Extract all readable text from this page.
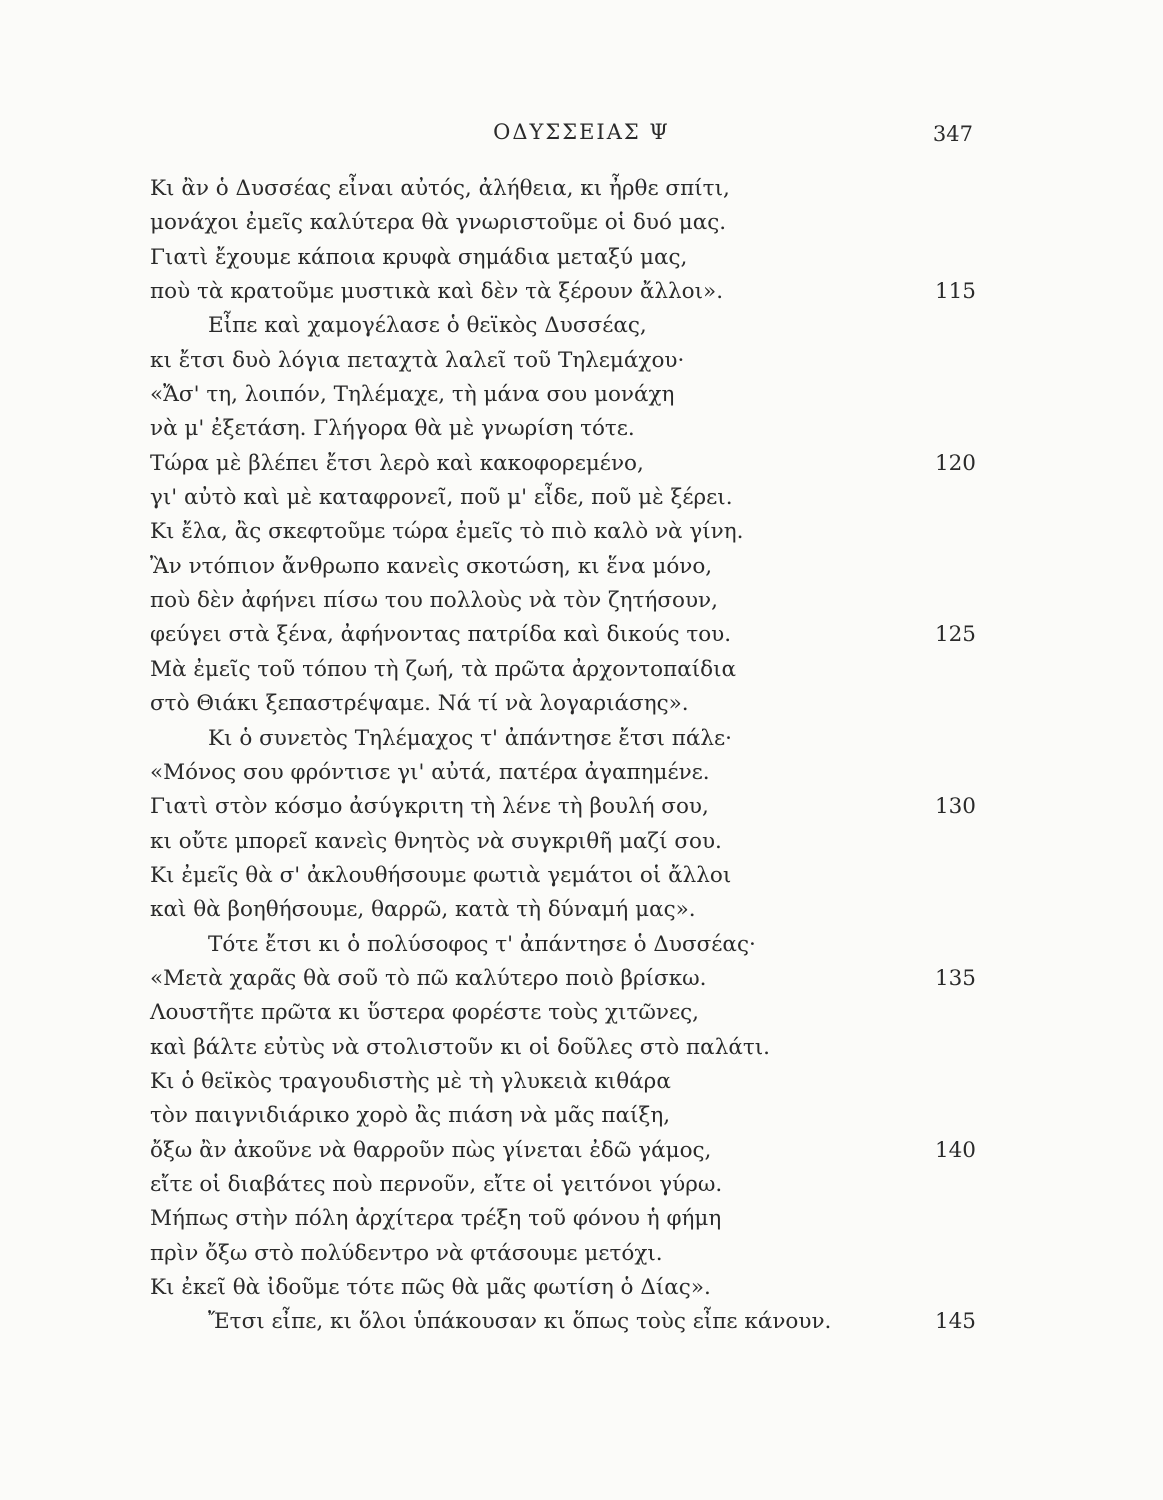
ΟΔΥΣΣΕΙΑΣ Ψ	347
Κι ἂν ὁ Δυσσέας εἶναι αὐτός, ἀλήθεια, κι ἦρθε σπίτι,
μονάχοι ἐμεῖς καλύτερα θὰ γνωριστοῦμε οἱ δυό μας.
Γιατὶ ἔχουμε κάποια κρυφὰ σημάδια μεταξύ μας,
ποὺ τὰ κρατοῦμε μυστικὰ καὶ δὲν τὰ ξέρουν ἄλλοι».	115
Εἶπε καὶ χαμογέλασε ὁ θεϊκὸς Δυσσέας,
κι ἔτσι δυὸ λόγια πεταχτὰ λαλεῖ τοῦ Τηλεμάχου·
«Ἄσ' τη, λοιπόν, Τηλέμαχε, τὴ μάνα σου μονάχη
νὰ μ' ἐξετάση. Γλήγορα θὰ μὲ γνωρίση τότε.
Τώρα μὲ βλέπει ἔτσι λερὸ καὶ κακοφορεμένο,	120
γι' αὐτὸ καὶ μὲ καταφρονεῖ, ποῦ μ' εἶδε, ποῦ μὲ ξέρει.
Κι ἔλα, ἂς σκεφτοῦμε τώρα ἐμεῖς τὸ πιὸ καλὸ νὰ γίνη.
Ἂν ντόπιον ἄνθρωπο κανεὶς σκοτώση, κι ἕνα μόνο,
ποὺ δὲν ἀφήνει πίσω του πολλοὺς νὰ τὸν ζητήσουν,
φεύγει στὰ ξένα, ἀφήνοντας πατρίδα καὶ δικούς του.	125
Μὰ ἐμεῖς τοῦ τόπου τὴ ζωή, τὰ πρῶτα ἀρχοντοπαίδια
στὸ Θιάκι ξεπαστρέψαμε. Νά τί νὰ λογαριάσης».
Κι ὁ συνετὸς Τηλέμαχος τ' ἀπάντησε ἔτσι πάλε·
«Μόνος σου φρόντισε γι' αὐτά, πατέρα ἀγαπημένε.
Γιατὶ στὸν κόσμο ἀσύγκριτη τὴ λένε τὴ βουλή σου,	130
κι οὔτε μπορεῖ κανεὶς θνητὸς νὰ συγκριθῆ μαζί σου.
Κι ἐμεῖς θὰ σ' ἀκλουθήσουμε φωτιὰ γεμάτοι οἱ ἄλλοι
καὶ θὰ βοηθήσουμε, θαρρῶ, κατὰ τὴ δύναμή μας».
Τότε ἔτσι κι ὁ πολύσοφος τ' ἀπάντησε ὁ Δυσσέας·
«Μετὰ χαρᾶς θὰ σοῦ τὸ πῶ καλύτερο ποιὸ βρίσκω.	135
Λουστῆτε πρῶτα κι ὕστερα φορέστε τοὺς χιτῶνες,
καὶ βάλτε εὐτὺς νὰ στολιστοῦν κι οἱ δοῦλες στὸ παλάτι.
Κι ὁ θεϊκὸς τραγουδιστὴς μὲ τὴ γλυκειὰ κιθάρα
τὸν παιγνιδιάρικο χορὸ ἂς πιάση νὰ μᾶς παίξη,
ὄξω ἂν ἀκοῦνε νὰ θαρροῦν πὼς γίνεται ἐδῶ γάμος,	140
εἴτε οἱ διαβάτες ποὺ περνοῦν, εἴτε οἱ γειτόνοι γύρω.
Μήπως στὴν πόλη ἀρχίτερα τρέξη τοῦ φόνου ἡ φήμη
πρὶν ὄξω στὸ πολύδεντρο νὰ φτάσουμε μετόχι.
Κι ἐκεῖ θὰ ἰδοῦμε τότε πῶς θὰ μᾶς φωτίση ὁ Δίας».
Ἔτσι εἶπε, κι ὅλοι ὑπάκουσαν κι ὅπως τοὺς εἶπε κάνουν.	145
